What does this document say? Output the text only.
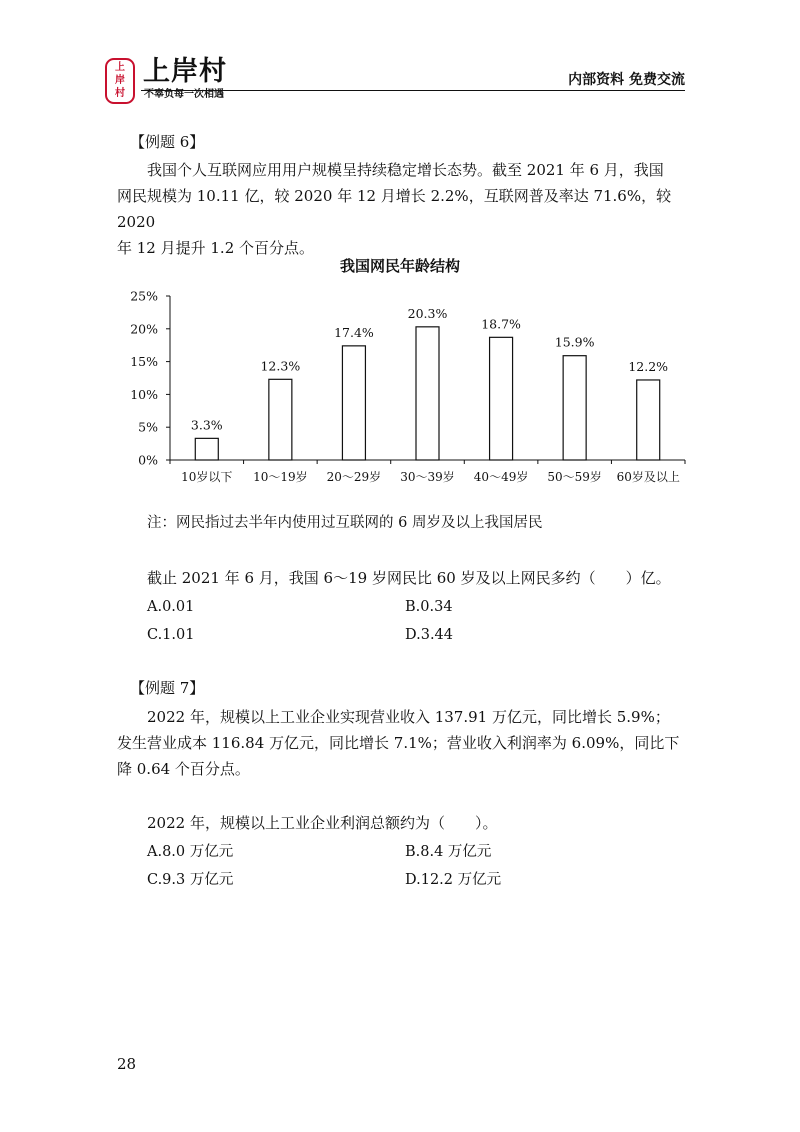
上
岸
村
上岸村
不辜负每一次相遇
内部资料 免费交流
【例题 6】
我国个人互联网应用用户规模呈持续稳定增长态势。截至 2021 年 6 月，我国
网民规模为 10.11 亿，较 2020 年 12 月增长 2.2%，互联网普及率达 71.6%，较 2020
年 12 月提升 1.2 个百分点。
我国网民年龄结构
0%
5%
10%
15%
20%
25%
3.3%
10岁以下
12.3%
10～19岁
17.4%
20～29岁
20.3%
30～39岁
18.7%
40～49岁
15.9%
50～59岁
12.2%
60岁及以上
注：网民指过去半年内使用过互联网的 6 周岁及以上我国居民
截止 2021 年 6 月，我国 6～19 岁网民比 60 岁及以上网民多约（　　）亿。
A.0.01	B.0.34
C.1.01	D.3.44
【例题 7】
2022 年，规模以上工业企业实现营业收入 137.91 万亿元，同比增长 5.9%；
发生营业成本 116.84 万亿元，同比增长 7.1%；营业收入利润率为 6.09%，同比下
降 0.64 个百分点。
2022 年，规模以上工业企业利润总额约为（　　）。
A.8.0 万亿元	B.8.4 万亿元
C.9.3 万亿元	D.12.2 万亿元
28
